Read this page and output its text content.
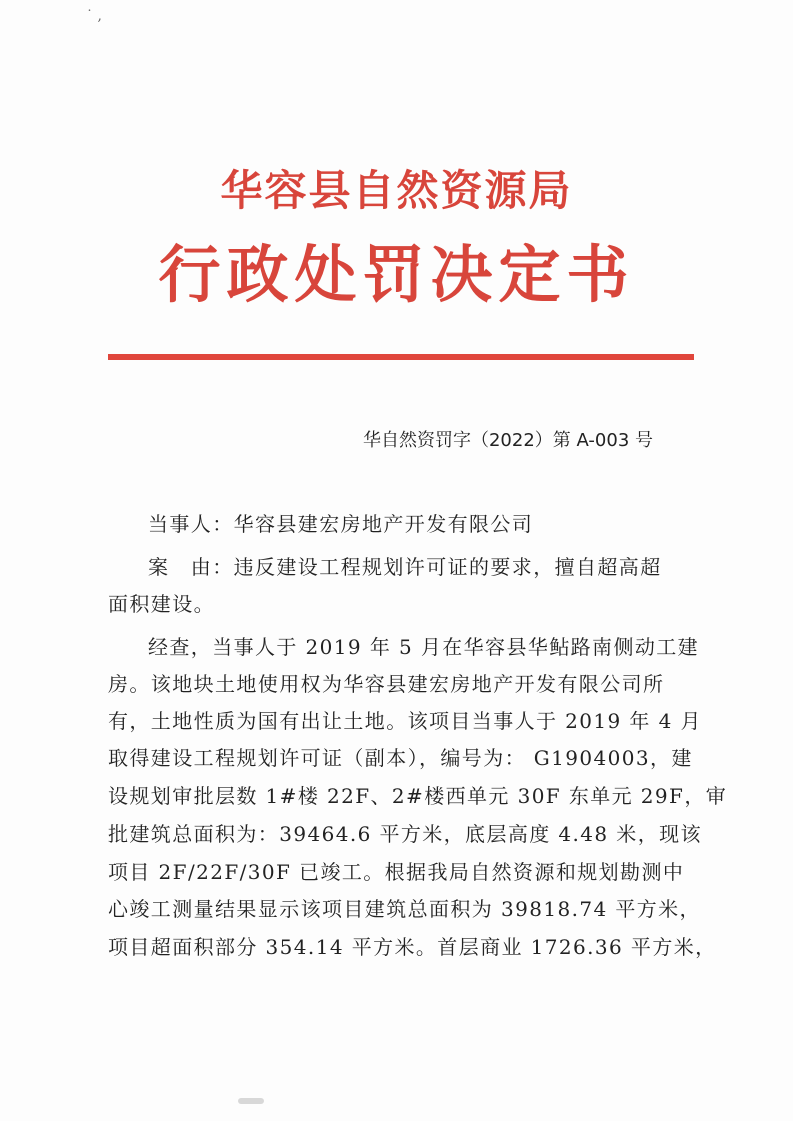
˙ ,
华容县自然资源局
行政处罚决定书
华自然资罚字（2022）第 A-003 号
当事人：华容县建宏房地产开发有限公司
案　由：违反建设工程规划许可证的要求，擅自超高超
面积建设。
经查，当事人于 2019 年 5 月在华容县华鲇路南侧动工建
房。该地块土地使用权为华容县建宏房地产开发有限公司所
有，土地性质为国有出让土地。该项目当事人于 2019 年 4 月
取得建设工程规划许可证（副本），编号为： G1904003，建
设规划审批层数 1#楼 22F、2#楼西单元 30F 东单元 29F，审
批建筑总面积为：39464.6 平方米，底层高度 4.48 米，现该
项目 2F/22F/30F 已竣工。根据我局自然资源和规划勘测中
心竣工测量结果显示该项目建筑总面积为 39818.74 平方米，
项目超面积部分 354.14 平方米。首层商业 1726.36 平方米，
